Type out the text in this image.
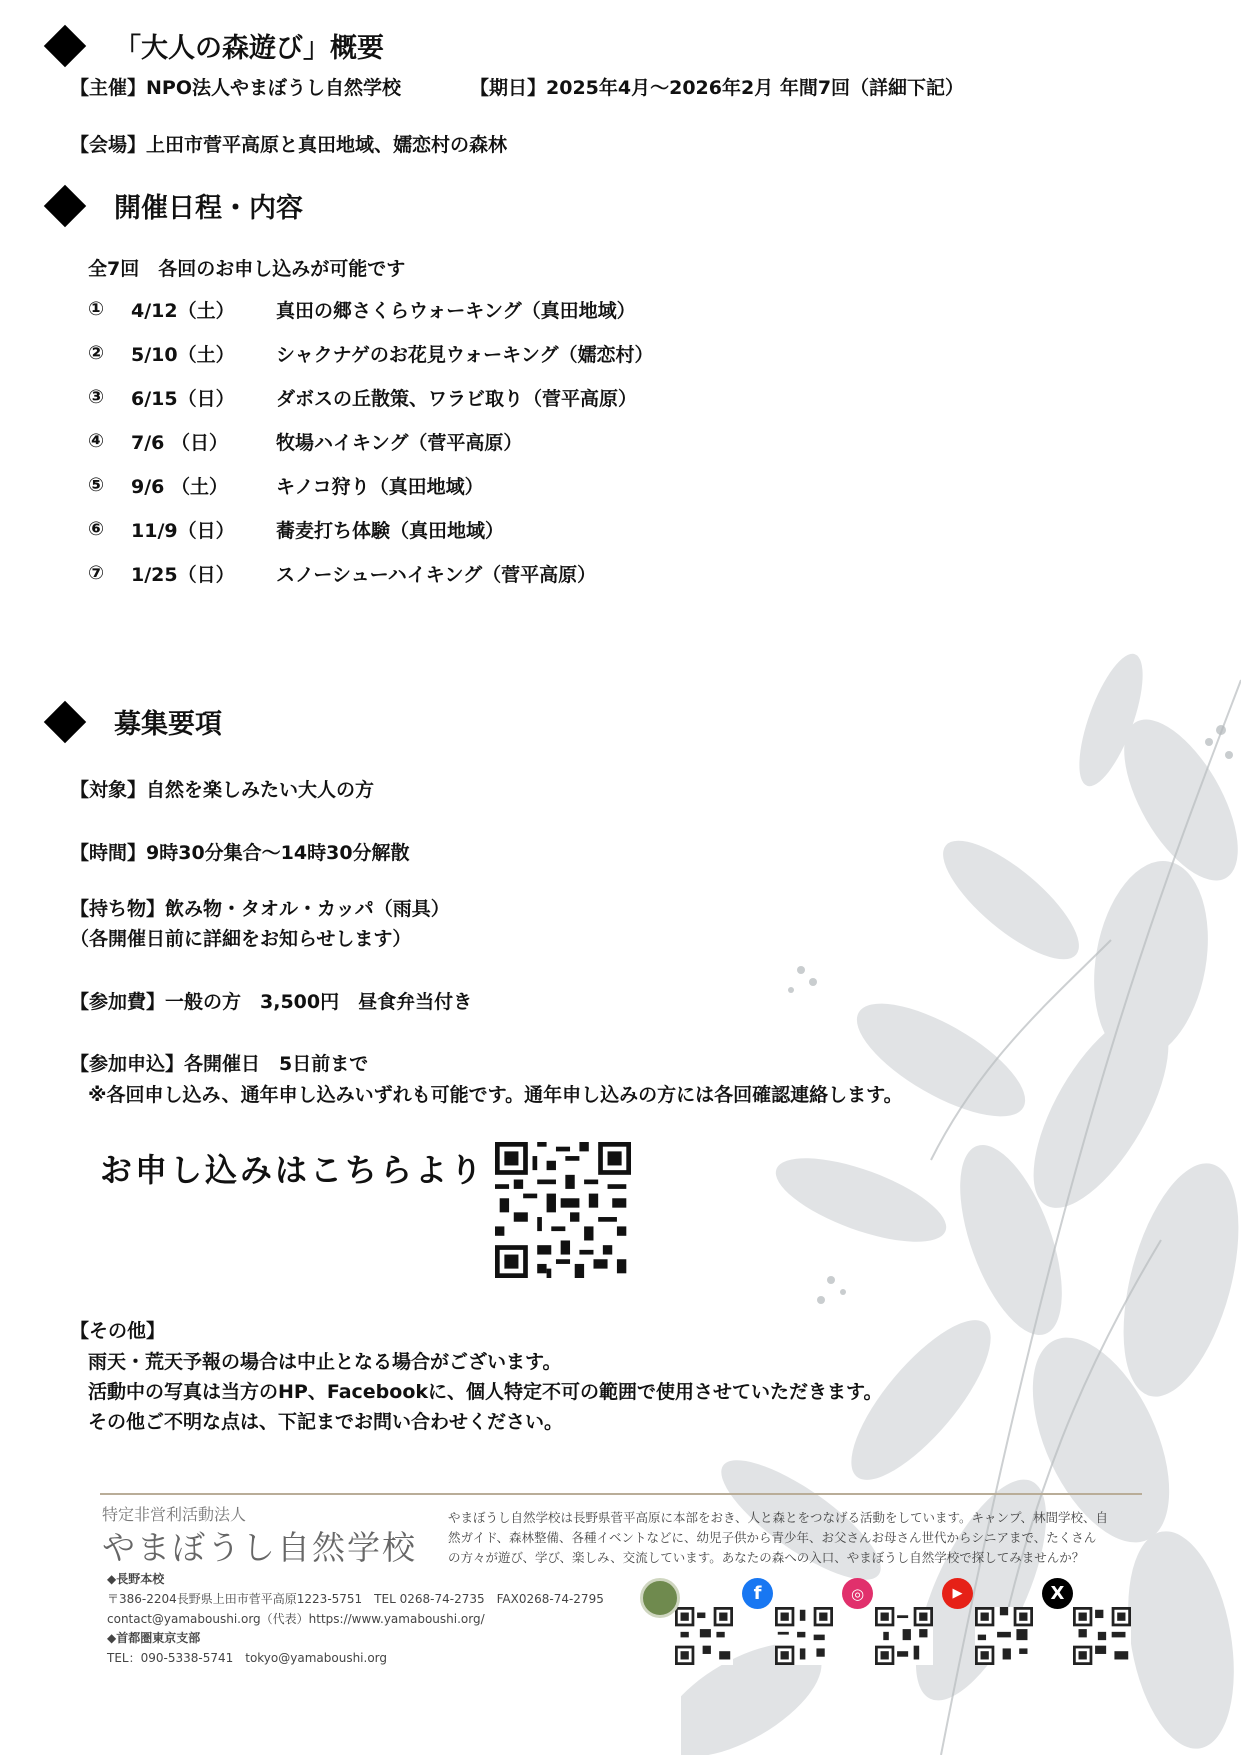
「大人の森遊び」概要
【主催】NPO法人やまぼうし自然学校	【期日】2025年4月～2026年2月 年間7回（詳細下記）
【会場】上田市菅平高原と真田地域、嬬恋村の森林
開催日程・内容
全7回　各回のお申し込みが可能です
①	4/12（土）	真田の郷さくらウォーキング（真田地域）
②	5/10（土）	シャクナゲのお花見ウォーキング（嬬恋村）
③	6/15（日）	ダボスの丘散策、ワラビ取り（菅平高原）
④	7/6 （日）	牧場ハイキング（菅平高原）
⑤	9/6 （土）	キノコ狩り（真田地域）
⑥	11/9（日）	蕎麦打ち体験（真田地域）
⑦	1/25（日）	スノーシューハイキング（菅平高原）
募集要項
【対象】自然を楽しみたい大人の方
【時間】9時30分集合～14時30分解散
【持ち物】飲み物・タオル・カッパ（雨具）
（各開催日前に詳細をお知らせします）
【参加費】一般の方　3,500円　昼食弁当付き
【参加申込】各開催日　5日前まで
※各回申し込み、通年申し込みいずれも可能です。通年申し込みの方には各回確認連絡します。
お申し込みはこちらより
【その他】
雨天・荒天予報の場合は中止となる場合がございます。
活動中の写真は当方のHP、Facebookに、個人特定不可の範囲で使用させていただきます。
その他ご不明な点は、下記までお問い合わせください。
特定非営利活動法人
やまぼうし自然学校
◆長野本校
〒386-2204長野県上田市菅平高原1223-5751　TEL 0268-74-2735　FAX0268-74-2795
contact@yamaboushi.org（代表）https://www.yamaboushi.org/
◆首都圏東京支部
TEL：090-5338-5741　tokyo@yamaboushi.org
やまぼうし自然学校は長野県菅平高原に本部をおき、人と森とをつなげる活動をしています。キャンプ、林間学校、自然ガイド、森林整備、各種イベントなどに、幼児子供から青少年、お父さんお母さん世代からシニアまで、たくさんの方々が遊び、学び、楽しみ、交流しています。あなたの森への入口、やまぼうし自然学校で探してみませんか？
f	◎	▶	X
